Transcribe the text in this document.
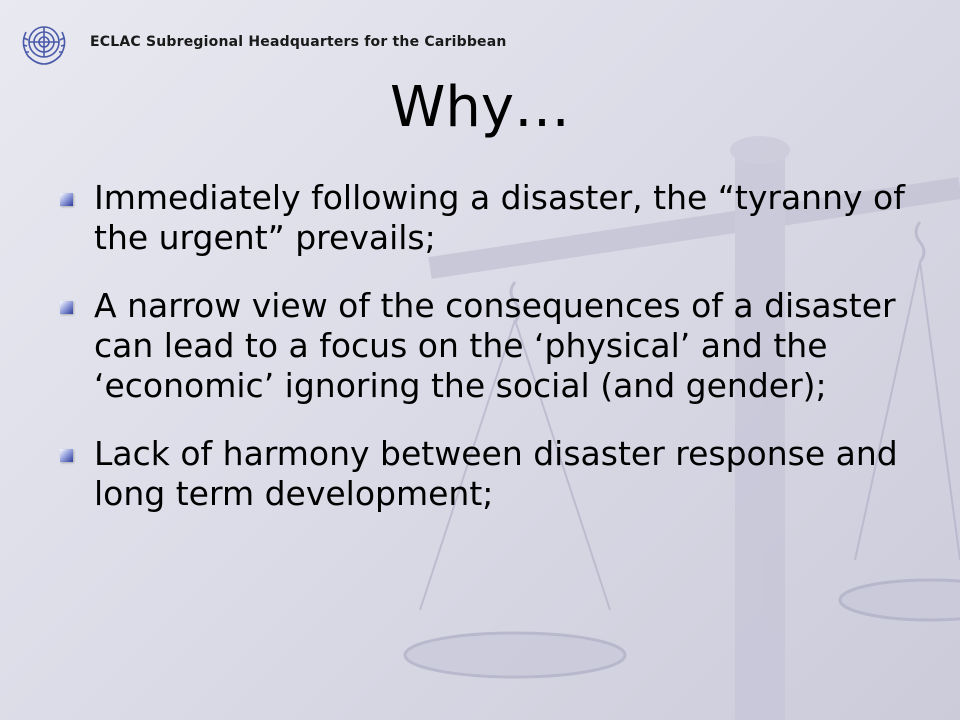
ECLAC Subregional Headquarters for the Caribbean
Why…
Immediately following a disaster, the “tyranny of the urgent” prevails;
A narrow view of the consequences of a disaster can lead to a focus on the ‘physical’ and the ‘economic’ ignoring the social (and gender);
Lack of harmony between disaster response and long term development;
